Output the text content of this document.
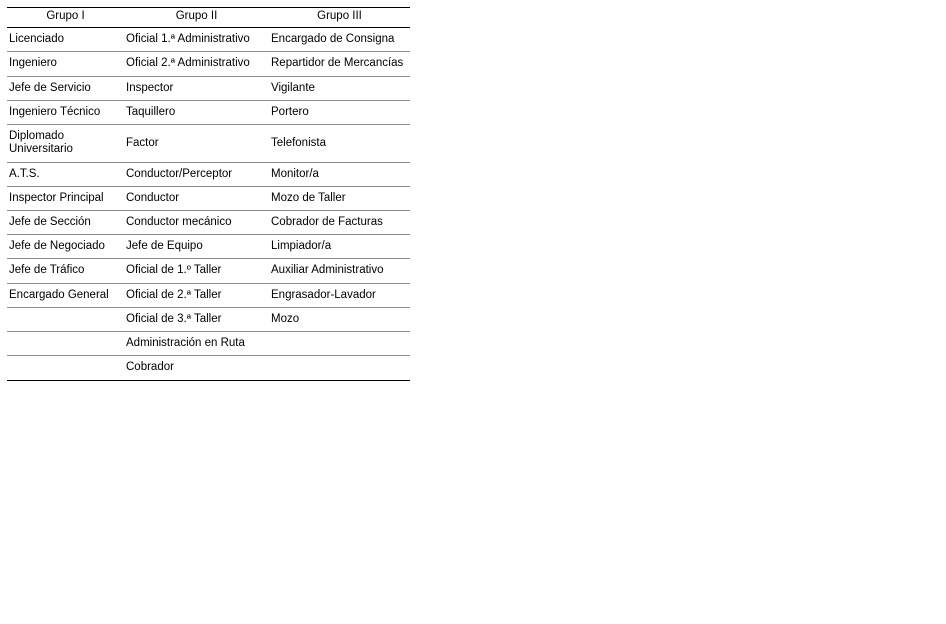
Grupo I	Grupo II	Grupo III
Licenciado	Oficial 1.ª Administrativo	Encargado de Consigna
Ingeniero	Oficial 2.ª Administrativo	Repartidor de Mercancías
Jefe de Servicio	Inspector	Vigilante
Ingeniero Técnico	Taquillero	Portero
Diplomado Universitario	Factor	Telefonista
A.T.S.	Conductor/Perceptor	Monitor/a
Inspector Principal	Conductor	Mozo de Taller
Jefe de Sección	Conductor mecánico	Cobrador de Facturas
Jefe de Negociado	Jefe de Equipo	Limpiador/a
Jefe de Tráfico	Oficial de 1.º Taller	Auxiliar Administrativo
Encargado General	Oficial de 2.ª Taller	Engrasador-Lavador
	Oficial de 3.ª Taller	Mozo
	Administración en Ruta	
	Cobrador	
